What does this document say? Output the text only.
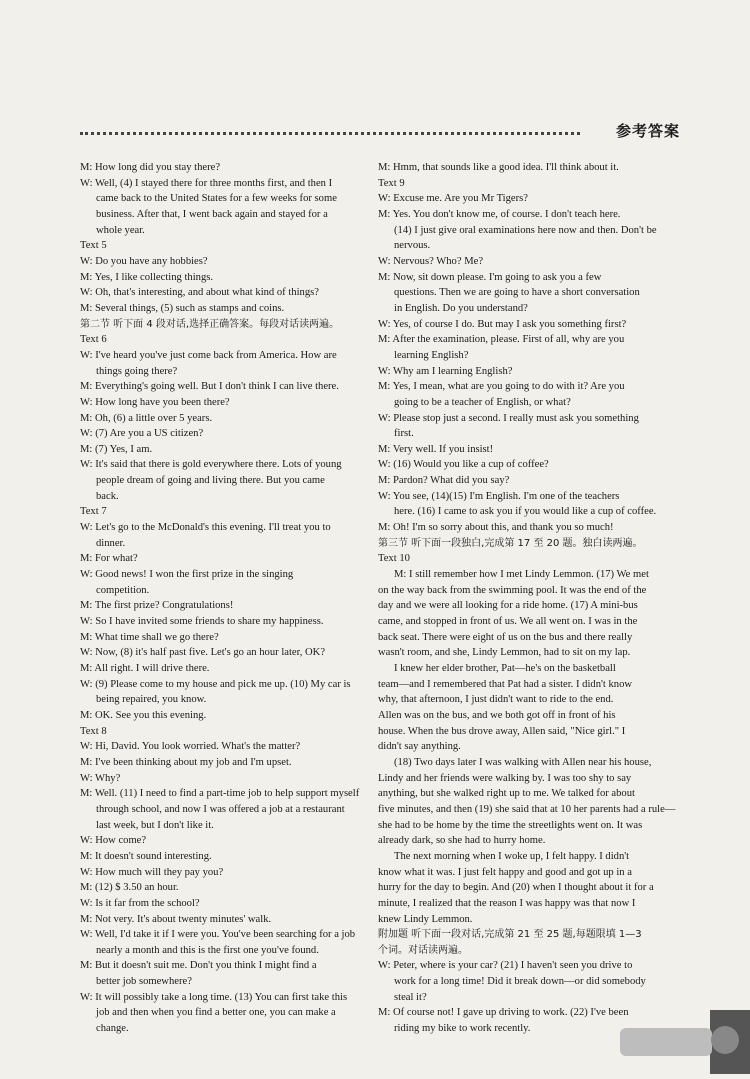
参考答案
M: How long did you stay there?
W: Well, (4) I stayed there for three months first, and then I
came back to the United States for a few weeks for some
business. After that, I went back again and stayed for a
whole year.
Text 5
W: Do you have any hobbies?
M: Yes, I like collecting things.
W: Oh, that's interesting, and about what kind of things?
M: Several things, (5) such as stamps and coins.
第二节 听下面 4 段对话,选择正确答案。每段对话读两遍。
Text 6
W: I've heard you've just come back from America. How are
things going there?
M: Everything's going well. But I don't think I can live there.
W: How long have you been there?
M: Oh, (6) a little over 5 years.
W: (7) Are you a US citizen?
M: (7) Yes, I am.
W: It's said that there is gold everywhere there. Lots of young
people dream of going and living there. But you came
back.
Text 7
W: Let's go to the McDonald's this evening. I'll treat you to
dinner.
M: For what?
W: Good news! I won the first prize in the singing
competition.
M: The first prize? Congratulations!
W: So I have invited some friends to share my happiness.
M: What time shall we go there?
W: Now, (8) it's half past five. Let's go an hour later, OK?
M: All right. I will drive there.
W: (9) Please come to my house and pick me up. (10) My car is
being repaired, you know.
M: OK. See you this evening.
Text 8
W: Hi, David. You look worried. What's the matter?
M: I've been thinking about my job and I'm upset.
W: Why?
M: Well. (11) I need to find a part-time job to help support myself
through school, and now I was offered a job at a restaurant
last week, but I don't like it.
W: How come?
M: It doesn't sound interesting.
W: How much will they pay you?
M: (12) $ 3.50 an hour.
W: Is it far from the school?
M: Not very. It's about twenty minutes' walk.
W: Well, I'd take it if I were you. You've been searching for a job
nearly a month and this is the first one you've found.
M: But it doesn't suit me. Don't you think I might find a
better job somewhere?
W: It will possibly take a long time. (13) You can first take this
job and then when you find a better one, you can make a
change.
M: Hmm, that sounds like a good idea. I'll think about it.
Text 9
W: Excuse me. Are you Mr Tigers?
M: Yes. You don't know me, of course. I don't teach here.
(14) I just give oral examinations here now and then. Don't be
nervous.
W: Nervous? Who? Me?
M: Now, sit down please. I'm going to ask you a few
questions. Then we are going to have a short conversation
in English. Do you understand?
W: Yes, of course I do. But may I ask you something first?
M: After the examination, please. First of all, why are you
learning English?
W: Why am I learning English?
M: Yes, I mean, what are you going to do with it? Are you
going to be a teacher of English, or what?
W: Please stop just a second. I really must ask you something
first.
M: Very well. If you insist!
W: (16) Would you like a cup of coffee?
M: Pardon? What did you say?
W: You see, (14)(15) I'm English. I'm one of the teachers
here. (16) I came to ask you if you would like a cup of coffee.
M: Oh! I'm so sorry about this, and thank you so much!
第三节 听下面一段独白,完成第 17 至 20 题。独白读两遍。
Text 10
M: I still remember how I met Lindy Lemmon. (17) We met
on the way back from the swimming pool. It was the end of the
day and we were all looking for a ride home. (17) A mini-bus
came, and stopped in front of us. We all went on. I was in the
back seat. There were eight of us on the bus and there really
wasn't room, and she, Lindy Lemmon, had to sit on my lap.
I knew her elder brother, Pat—he's on the basketball
team—and I remembered that Pat had a sister. I didn't know
why, that afternoon, I just didn't want to ride to the end.
Allen was on the bus, and we both got off in front of his
house. When the bus drove away, Allen said, "Nice girl." I
didn't say anything.
(18) Two days later I was walking with Allen near his house,
Lindy and her friends were walking by. I was too shy to say
anything, but she walked right up to me. We talked for about
five minutes, and then (19) she said that at 10 her parents had a rule—
she had to be home by the time the streetlights went on. It was
already dark, so she had to hurry home.
The next morning when I woke up, I felt happy. I didn't
know what it was. I just felt happy and good and got up in a
hurry for the day to begin. And (20) when I thought about it for a
minute, I realized that the reason I was happy was that now I
knew Lindy Lemmon.
附加题 听下面一段对话,完成第 21 至 25 题,每题限填 1—3
个词。对话读两遍。
W: Peter, where is your car? (21) I haven't seen you drive to
work for a long time! Did it break down—or did somebody
steal it?
M: Of course not! I gave up driving to work. (22) I've been
riding my bike to work recently.
